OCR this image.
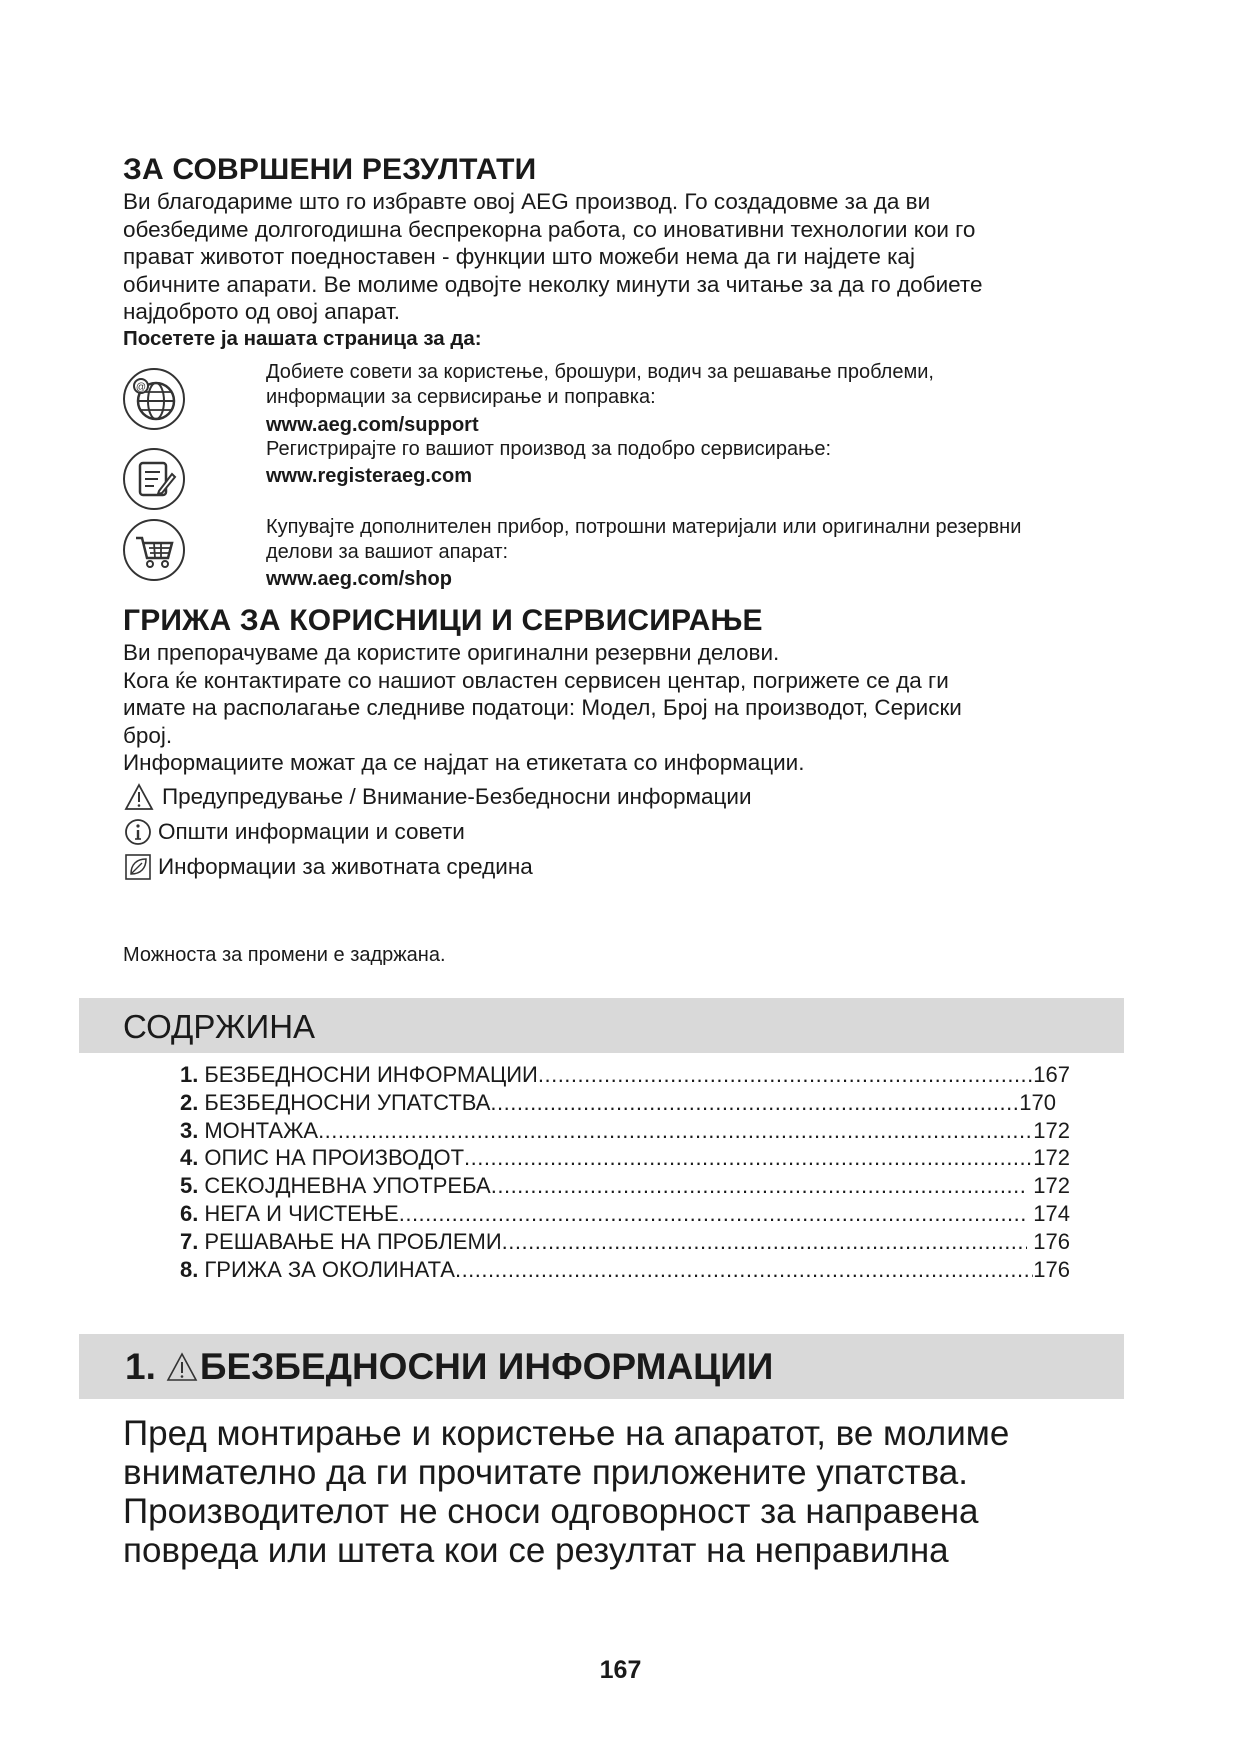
ЗА СОВРШЕНИ РЕЗУЛТАТИ
Ви благодариме што го избравте овој AEG производ. Го создадовме за да ви
обезбедиме долгогодишна беспрекорна работа, со иновативни технологии кои го
прават животот поедноставен - функции што можеби нема да ги најдете кај
обичните апарати. Ве молиме одвојте неколку минути за читање за да го добиете
најдоброто од овој апарат.
Посетете ја нашата страница за да:
@
Добиете совети за користење, брошури, водич за решавање проблеми,
информации за сервисирање и поправка:
www.aeg.com/support
Регистрирајте го вашиот производ за подобро сервисирање:
www.registeraeg.com
Купувајте дополнителен прибор, потрошни материјали или оригинални резервни
делови за вашиот апарат:
www.aeg.com/shop
ГРИЖА ЗА КОРИСНИЦИ И СЕРВИСИРАЊЕ
Ви препорачуваме да користите оригинални резервни делови.
Кога ќе контактирате со нашиот овластен сервисен центар, погрижете се да ги
имате на располагање следниве податоци: Модел, Број на производот, Сериски
број.
Информациите можат да се најдат на етикетата со информации.
Предупредување / Внимание-Безбедносни информации
Општи информации и совети
Информации за животната средина
Можноста за промени е задржана.
СОДРЖИНА
1. БЕЗБЕДНОСНИ ИНФОРМАЦИИ .....	167
2. БЕЗБЕДНОСНИ УПАТСТВА .....	170
3. МОНТАЖА .....	172
4. ОПИС НА ПРОИЗВОДОТ .....	172
5. СЕКОЈДНЕВНА УПОТРЕБА .....	172
6. НЕГА И ЧИСТЕЊЕ .....	174
7. РЕШАВАЊЕ НА ПРОБЛЕМИ .....	176
8. ГРИЖА ЗА ОКОЛИНАТА .....	176
1. БЕЗБЕДНОСНИ ИНФОРМАЦИИ
Пред монтирање и користење на апаратот, ве молиме
внимателно да ги прочитате приложените упатства.
Производителот не сноси одговорност за направена
повреда или штета кои се резултат на неправилна
167
